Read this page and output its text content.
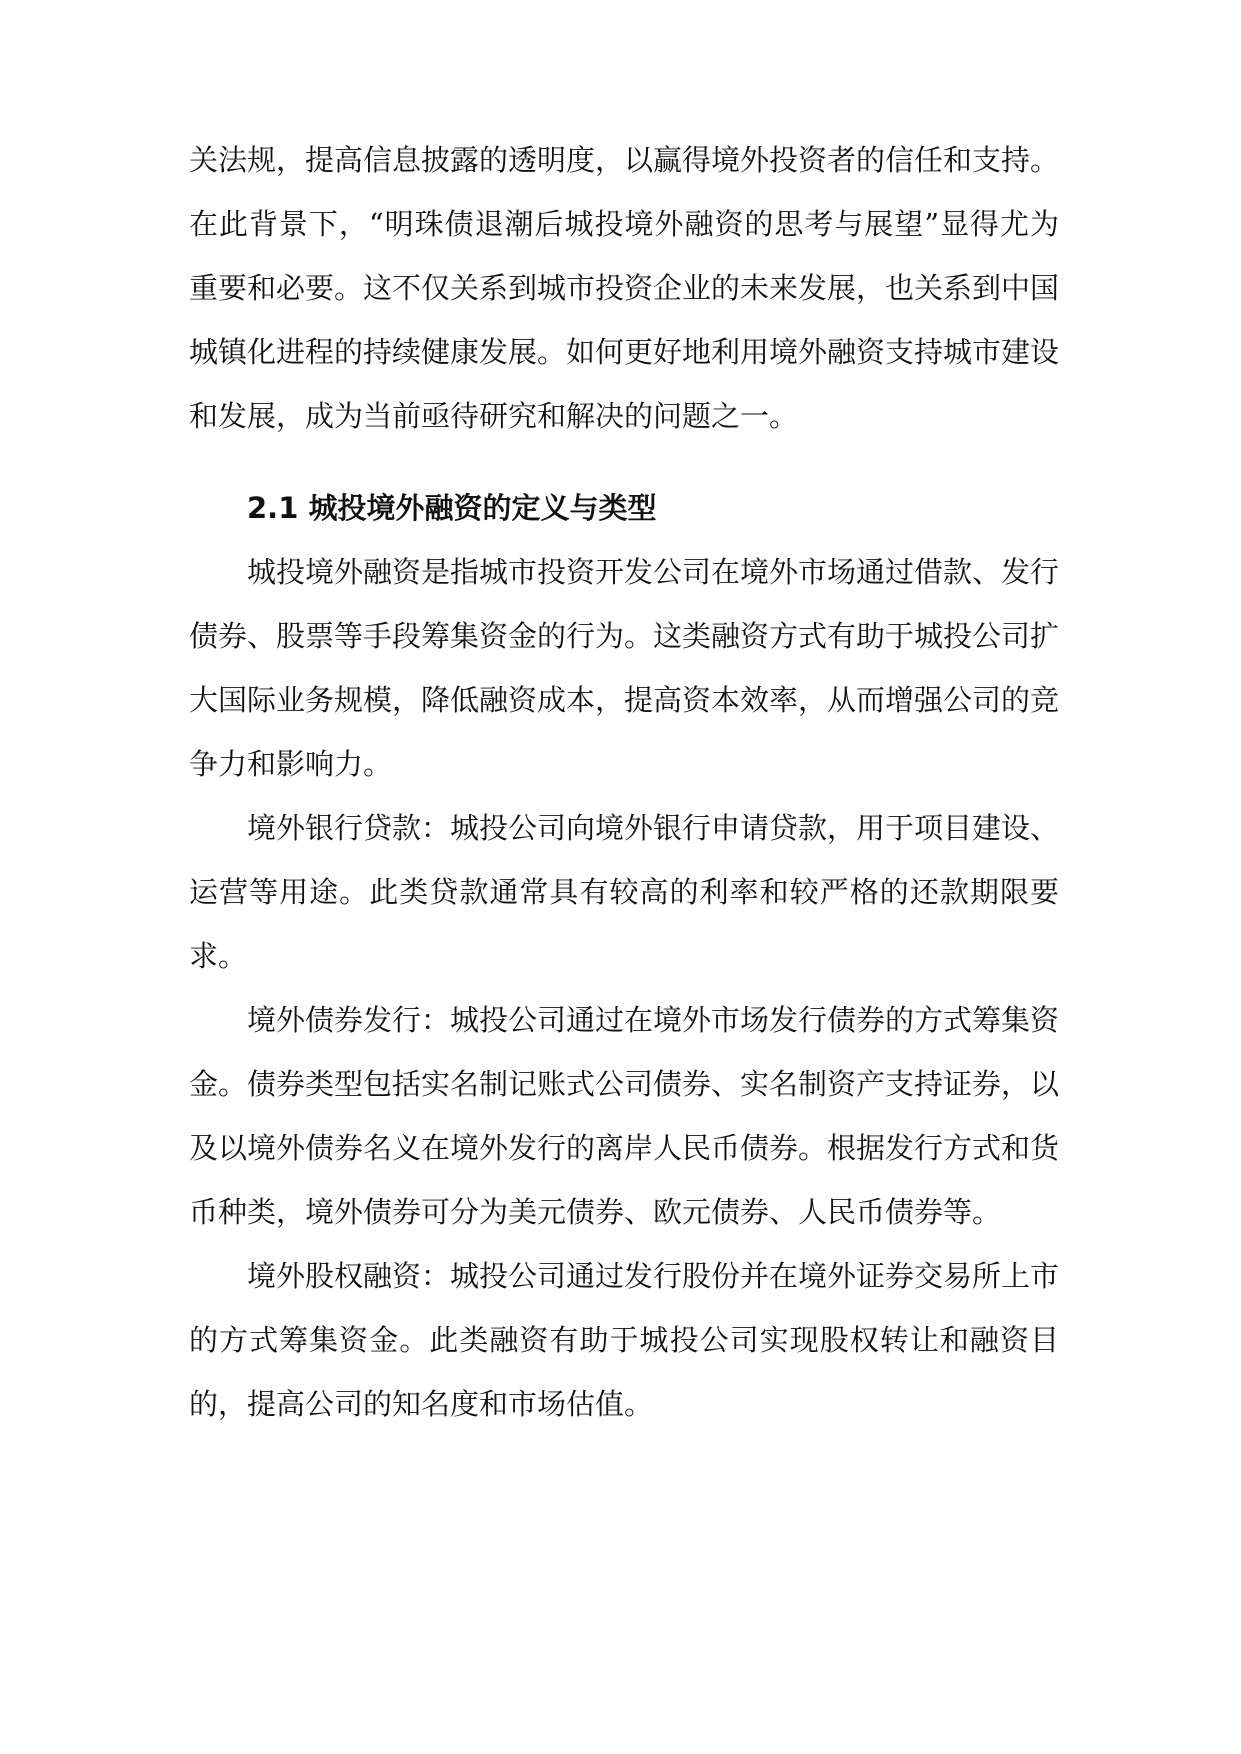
关法规，提高信息披露的透明度，以赢得境外投资者的信任和支持。在此背景下，“明珠债退潮后城投境外融资的思考与展望”显得尤为重要和必要。这不仅关系到城市投资企业的未来发展，也关系到中国城镇化进程的持续健康发展。如何更好地利用境外融资支持城市建设和发展，成为当前亟待研究和解决的问题之一。

2.1 城投境外融资的定义与类型

城投境外融资是指城市投资开发公司在境外市场通过借款、发行债券、股票等手段筹集资金的行为。这类融资方式有助于城投公司扩大国际业务规模，降低融资成本，提高资本效率，从而增强公司的竞争力和影响力。

境外银行贷款：城投公司向境外银行申请贷款，用于项目建设、运营等用途。此类贷款通常具有较高的利率和较严格的还款期限要求。

境外债券发行：城投公司通过在境外市场发行债券的方式筹集资金。债券类型包括实名制记账式公司债券、实名制资产支持证券，以及以境外债券名义在境外发行的离岸人民币债券。根据发行方式和货币种类，境外债券可分为美元债券、欧元债券、人民币债券等。

境外股权融资：城投公司通过发行股份并在境外证券交易所上市的方式筹集资金。此类融资有助于城投公司实现股权转让和融资目的，提高公司的知名度和市场估值。
